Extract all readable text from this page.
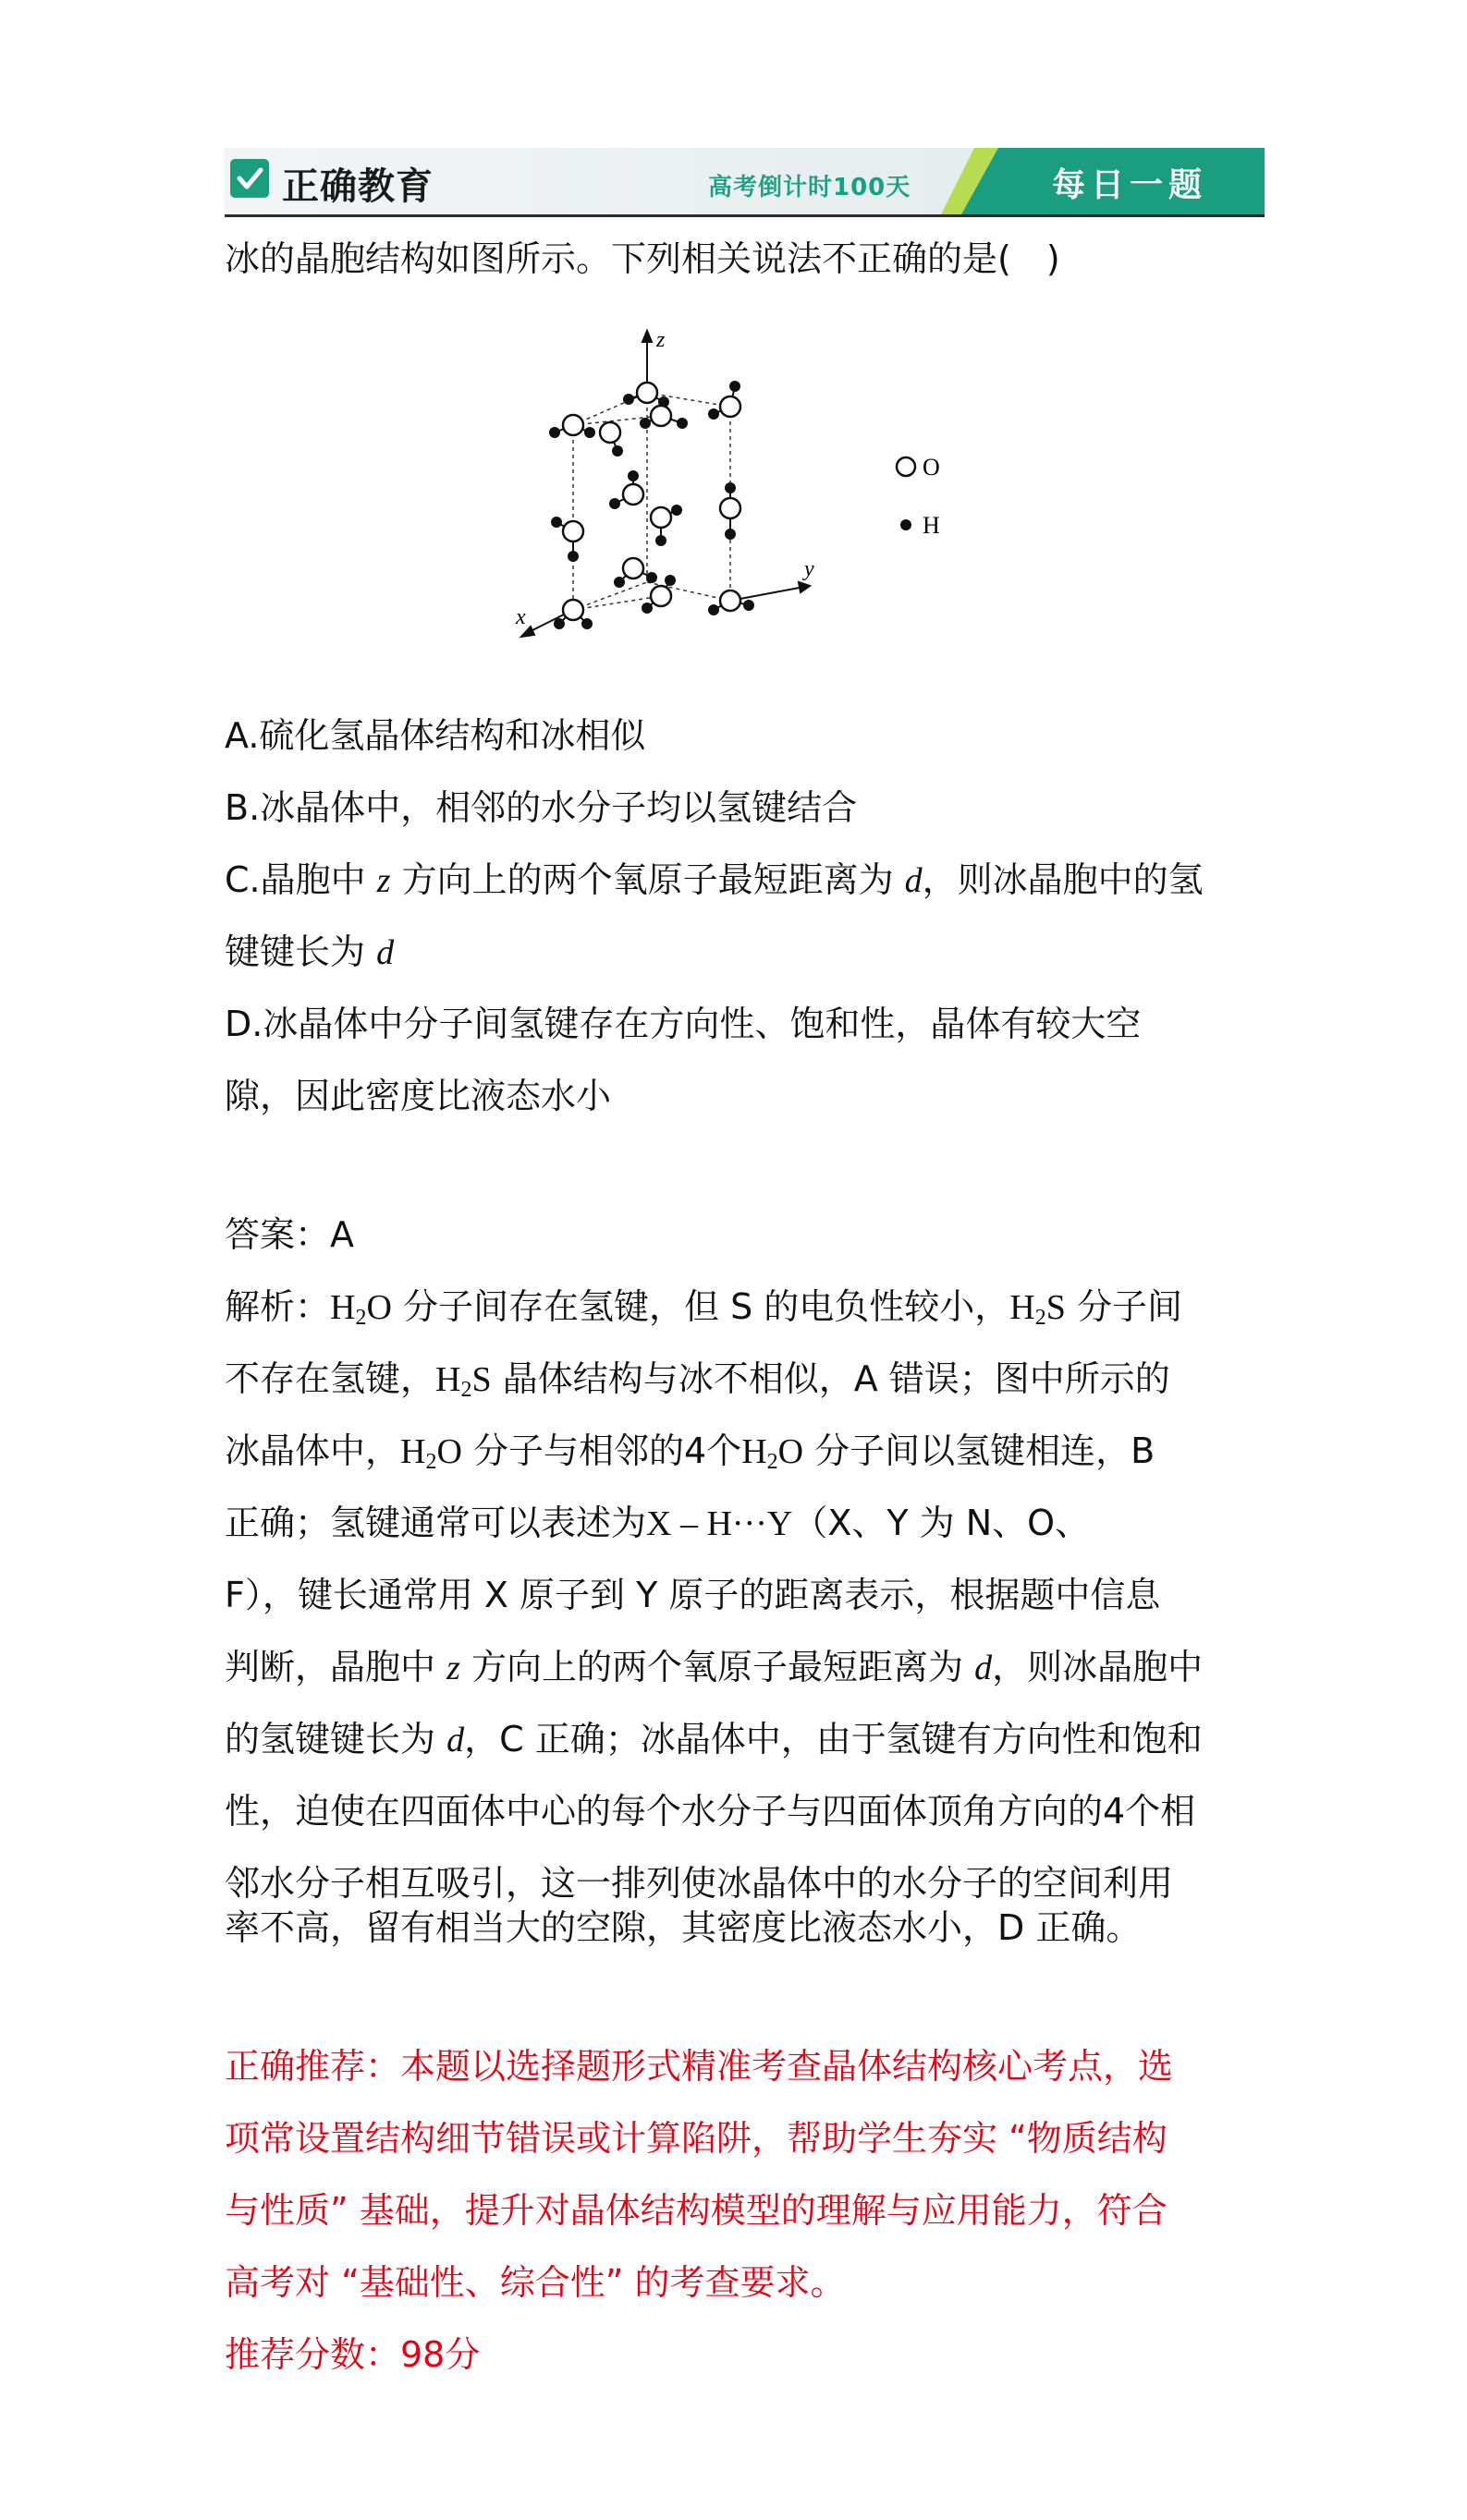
正确教育	高考倒计时100天	每日一题
冰的晶胞结构如图所示。下列相关说法不正确的是(　)
z
y
x
O
H
A.硫化氢晶体结构和冰相似
B.冰晶体中，相邻的水分子均以氢键结合
C.晶胞中 z 方向上的两个氧原子最短距离为 d，则冰晶胞中的氢
键键长为 d
D.冰晶体中分子间氢键存在方向性、饱和性，晶体有较大空
隙，因此密度比液态水小
答案：A
解析：$H_2O$ 分子间存在氢键，但 S 的电负性较小，$H_2S$ 分子间
不存在氢键，$H_2S$ 晶体结构与冰不相似，A 错误；图中所示的
冰晶体中，$H_2O$ 分子与相邻的4个$H_2O$ 分子间以氢键相连，B
正确；氢键通常可以表述为X – H···Y（X、Y 为 N、O、
F），键长通常用 X 原子到 Y 原子的距离表示，根据题中信息
判断，晶胞中 z 方向上的两个氧原子最短距离为 d，则冰晶胞中
的氢键键长为 d，C 正确；冰晶体中，由于氢键有方向性和饱和
性，迫使在四面体中心的每个水分子与四面体顶角方向的4个相
邻水分子相互吸引，这一排列使冰晶体中的水分子的空间利用
率不高，留有相当大的空隙，其密度比液态水小，D 正确。
正确推荐：本题以选择题形式精准考查晶体结构核心考点，选
项常设置结构细节错误或计算陷阱，帮助学生夯实 “物质结构
与性质” 基础，提升对晶体结构模型的理解与应用能力，符合
高考对 “基础性、综合性” 的考查要求。
推荐分数：98分
